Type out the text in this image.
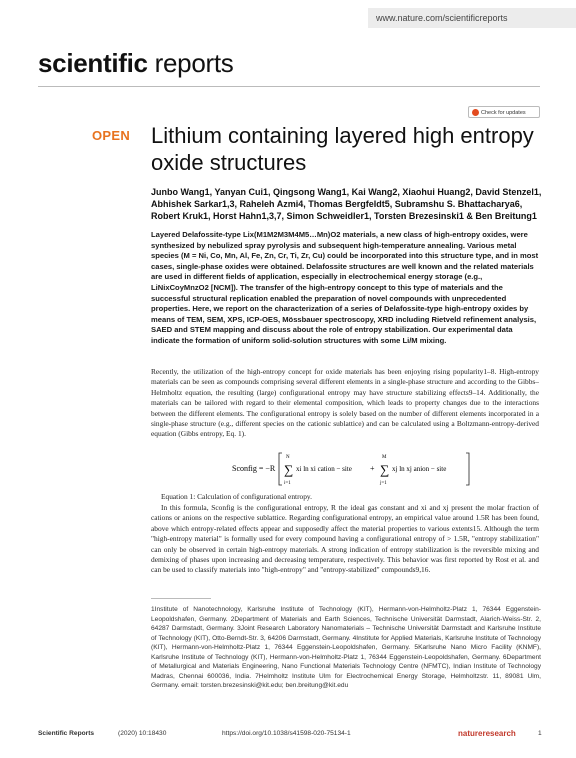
www.nature.com/scientificreports
scientific reports
Check for updates
OPEN Lithium containing layered high entropy oxide structures
Junbo Wang1, Yanyan Cui1, Qingsong Wang1, Kai Wang2, Xiaohui Huang2, David Stenzel1, Abhishek Sarkar1,3, Raheleh Azmi4, Thomas Bergfeldt5, Subramshu S. Bhattacharya6, Robert Kruk1, Horst Hahn1,3,7, Simon Schweidler1, Torsten Brezesinski1 & Ben Breitung1

Layered Delafossite-type Lix(M1M2M3M4M5…Mn)O2 materials, a new class of high-entropy oxides, were synthesized by nebulized spray pyrolysis and subsequent high-temperature annealing. Various metal species (M = Ni, Co, Mn, Al, Fe, Zn, Cr, Ti, Zr, Cu) could be incorporated into this structure type, and in most cases, single-phase oxides were obtained. Delafossite structures are well known and the related materials are used in different fields of application, especially in electrochemical energy storage (e.g., LiNixCoyMnzO2 [NCM]). The transfer of the high-entropy concept to this type of materials and the successful structural replication enabled the preparation of novel compounds with unprecedented properties. Here, we report on the characterization of a series of Delafossite-type high-entropy oxides by means of TEM, SEM, XPS, ICP-OES, Mössbauer spectroscopy, XRD including Rietveld refinement analysis, SAED and STEM mapping and discuss about the role of entropy stabilization. Our experimental data indicate the formation of uniform solid-solution structures with some Li/M mixing.

Recently, the utilization of the high-entropy concept for oxide materials has been enjoying rising popularity1–8. High-entropy materials can be seen as compounds comprising several different elements in a single-phase structure and according to the Gibbs–Helmholtz equation, the resulting (large) configurational entropy may have structure stabilizing effects9–14. Additionally, the materials can be tailored with regard to their elemental composition, which leads to property changes due to the interactions between the different elements. The configurational entropy is solely based on the number of different elements incorporated in a single-phase structure (e.g., different species on the cationic sublattice) and can be calculated using a Boltzmann-entropy-derived equation (Gibbs entropy, Eq. 1).

Sconfig = −R
N
∑
i=1
xi ln xi cation − site +
M
∑
j=1
xj ln xj anion − site
Equation 1: Calculation of configurational entropy.

In this formula, Sconfig is the configurational entropy, R the ideal gas constant and xi and xj present the molar fraction of cations or anions on the respective sublattice. Regarding configurational entropy, an empirical value around 1.5R has been found, above which entropy-related effects appear and supposedly affect the material properties to various extents15. Although the term "high-entropy material" is formally used for every compound having a configurational entropy of > 1.5R, "entropy stabilization" can only be observed in certain high-entropy materials. A strong indication of entropy stabilization is the reversible mixing and demixing of phases upon increasing and decreasing temperature, respectively. This behavior was first reported by Rost et al. and can be used to classify materials into "high-entropy" and "entropy-stabilized" compounds9,16.

1Institute of Nanotechnology, Karlsruhe Institute of Technology (KIT), Hermann-von-Helmholtz-Platz 1, 76344 Eggenstein-Leopoldshafen, Germany. 2Department of Materials and Earth Sciences, Technische Universität Darmstadt, Alarich-Weiss-Str. 2, 64287 Darmstadt, Germany. 3Joint Research Laboratory Nanomaterials – Technische Universität Darmstadt and Karlsruhe Institute of Technology (KIT), Otto-Berndt-Str. 3, 64206 Darmstadt, Germany. 4Institute for Applied Materials, Karlsruhe Institute of Technology (KIT), Hermann-von-Helmholtz-Platz 1, 76344 Eggenstein-Leopoldshafen, Germany. 5Karlsruhe Nano Micro Facility (KNMF), Karlsruhe Institute of Technology (KIT), Hermann-von-Helmholtz-Platz 1, 76344 Eggenstein-Leopoldshafen, Germany. 6Department of Metallurgical and Materials Engineering, Nano Functional Materials Technology Centre (NFMTC), Indian Institute of Technology Madras, Chennai 600036, India. 7Helmholtz Institute Ulm for Electrochemical Energy Storage, Helmholtzstr. 11, 89081 Ulm, Germany. email: torsten.brezesinski@kit.edu; ben.breitung@kit.edu

Scientific Reports	(2020) 10:18430	https://doi.org/10.1038/s41598-020-75134-1	natureresearch	1
